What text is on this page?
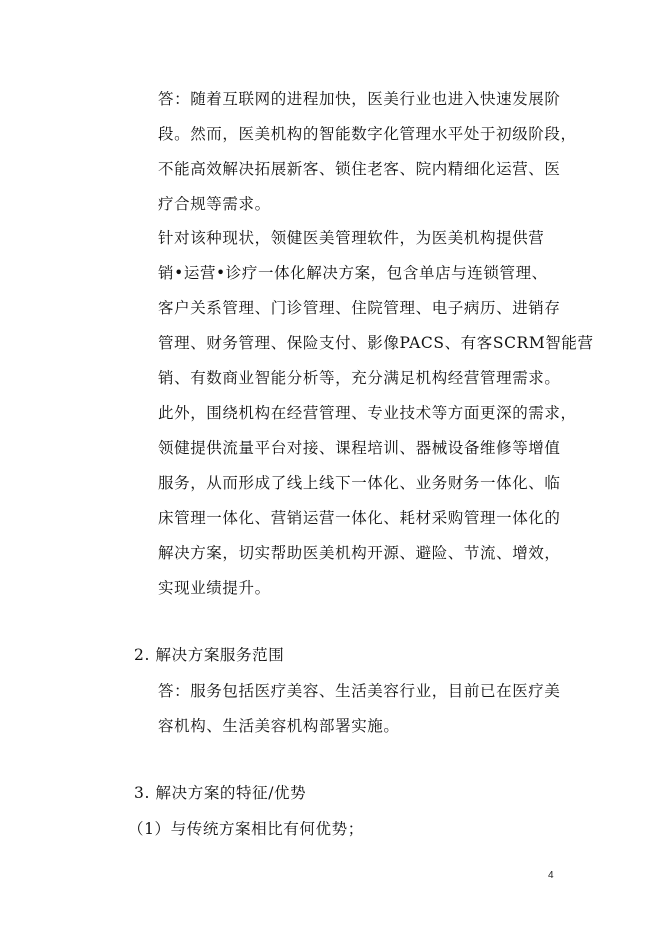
答：随着互联网的进程加快，医美行业也进入快速发展阶
段。然而，医美机构的智能数字化管理水平处于初级阶段，
不能高效解决拓展新客、锁住老客、院内精细化运营、医
疗合规等需求。
针对该种现状，领健医美管理软件，为医美机构提供营
销•运营•诊疗一体化解决方案，包含单店与连锁管理、
客户关系管理、门诊管理、住院管理、电子病历、进销存
管理、财务管理、保险支付、影像PACS、有客SCRM智能营
销、有数商业智能分析等，充分满足机构经营管理需求。
此外，围绕机构在经营管理、专业技术等方面更深的需求，
领健提供流量平台对接、课程培训、器械设备维修等增值
服务，从而形成了线上线下一体化、业务财务一体化、临
床管理一体化、营销运营一体化、耗材采购管理一体化的
解决方案，切实帮助医美机构开源、避险、节流、增效，
实现业绩提升。
2. 解决方案服务范围
答：服务包括医疗美容、生活美容行业，目前已在医疗美
容机构、生活美容机构部署实施。
3. 解决方案的特征/优势
（1）与传统方案相比有何优势；
4
